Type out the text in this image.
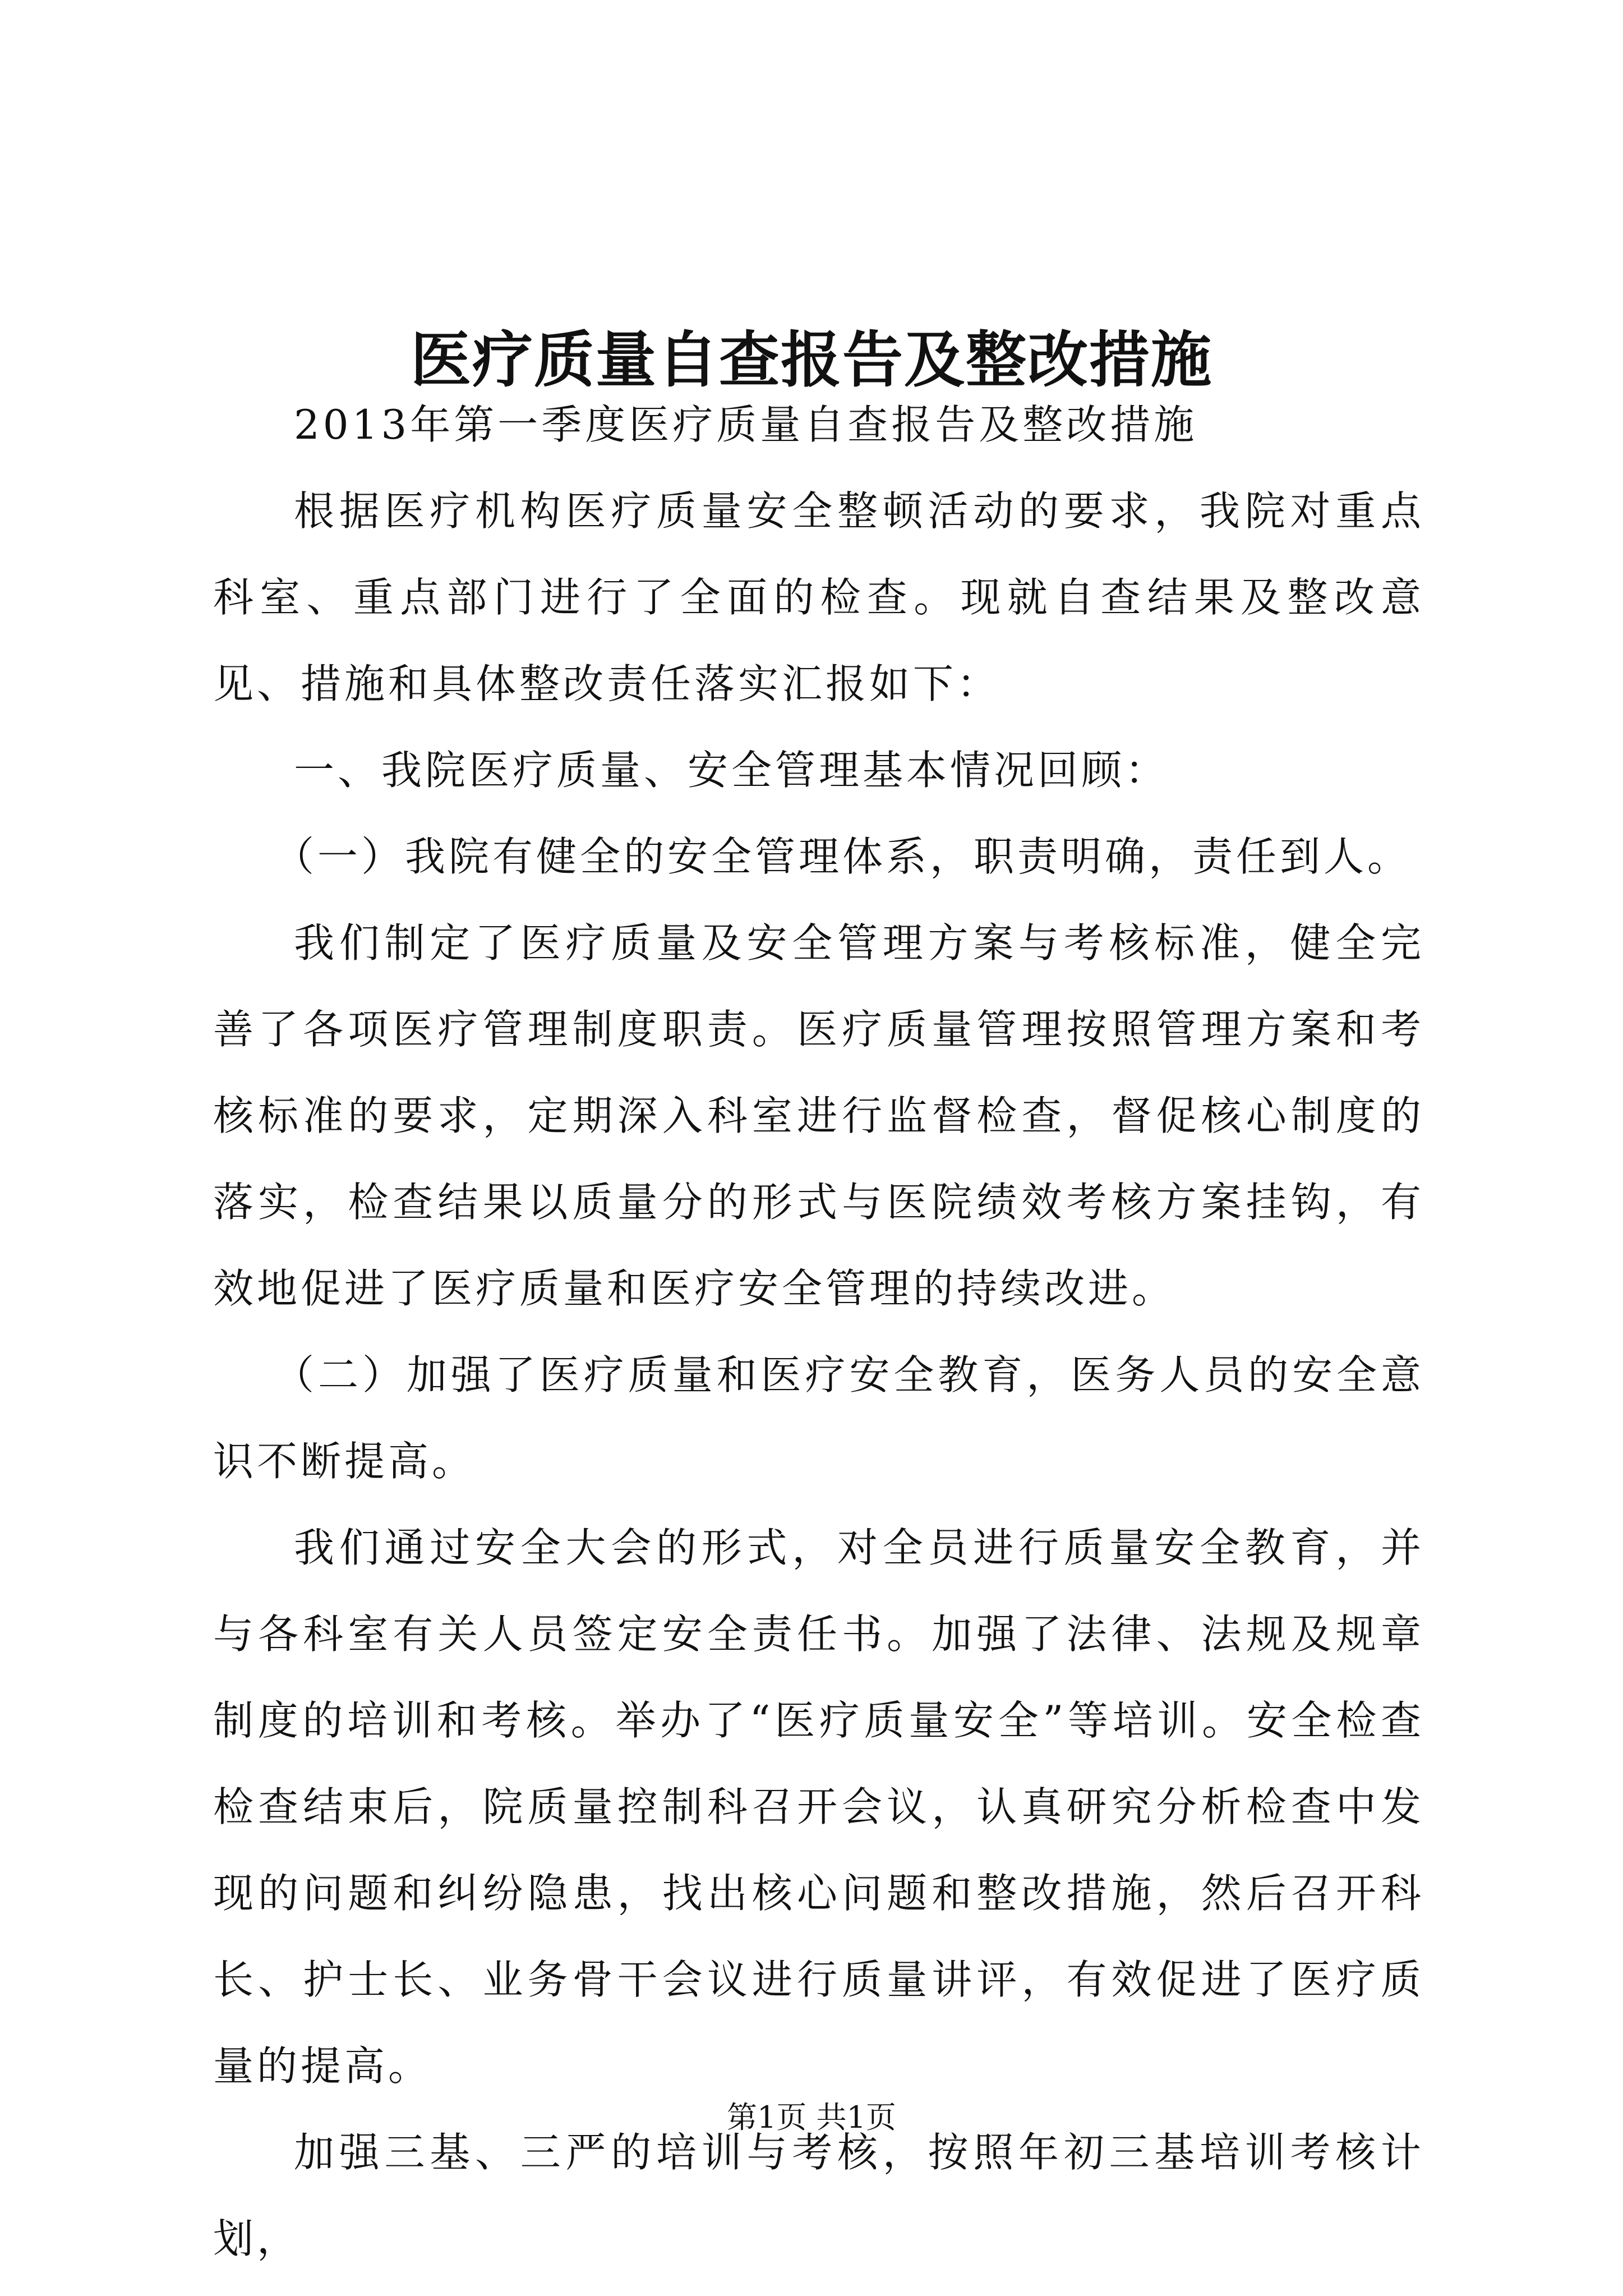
医疗质量自查报告及整改措施

2013年第一季度医疗质量自查报告及整改措施

根据医疗机构医疗质量安全整顿活动的要求，我院对重点科室、重点部门进行了全面的检查。现就自查结果及整改意见、措施和具体整改责任落实汇报如下：

一、我院医疗质量、安全管理基本情况回顾：

（一）我院有健全的安全管理体系，职责明确，责任到人。

我们制定了医疗质量及安全管理方案与考核标准，健全完善了各项医疗管理制度职责。医疗质量管理按照管理方案和考核标准的要求，定期深入科室进行监督检查，督促核心制度的落实，检查结果以质量分的形式与医院绩效考核方案挂钩，有效地促进了医疗质量和医疗安全管理的持续改进。

（二）加强了医疗质量和医疗安全教育，医务人员的安全意识不断提高。

我们通过安全大会的形式，对全员进行质量安全教育，并与各科室有关人员签定安全责任书。加强了法律、法规及规章制度的培训和考核。举办了“医疗质量安全”等培训。安全检查检查结束后，院质量控制科召开会议，认真研究分析检查中发现的问题和纠纷隐患，找出核心问题和整改措施，然后召开科长、护士长、业务骨干会议进行质量讲评，有效促进了医疗质量的提高。

加强三基、三严的培训与考核，按照年初三基培训考核计划，

第1页 共1页
